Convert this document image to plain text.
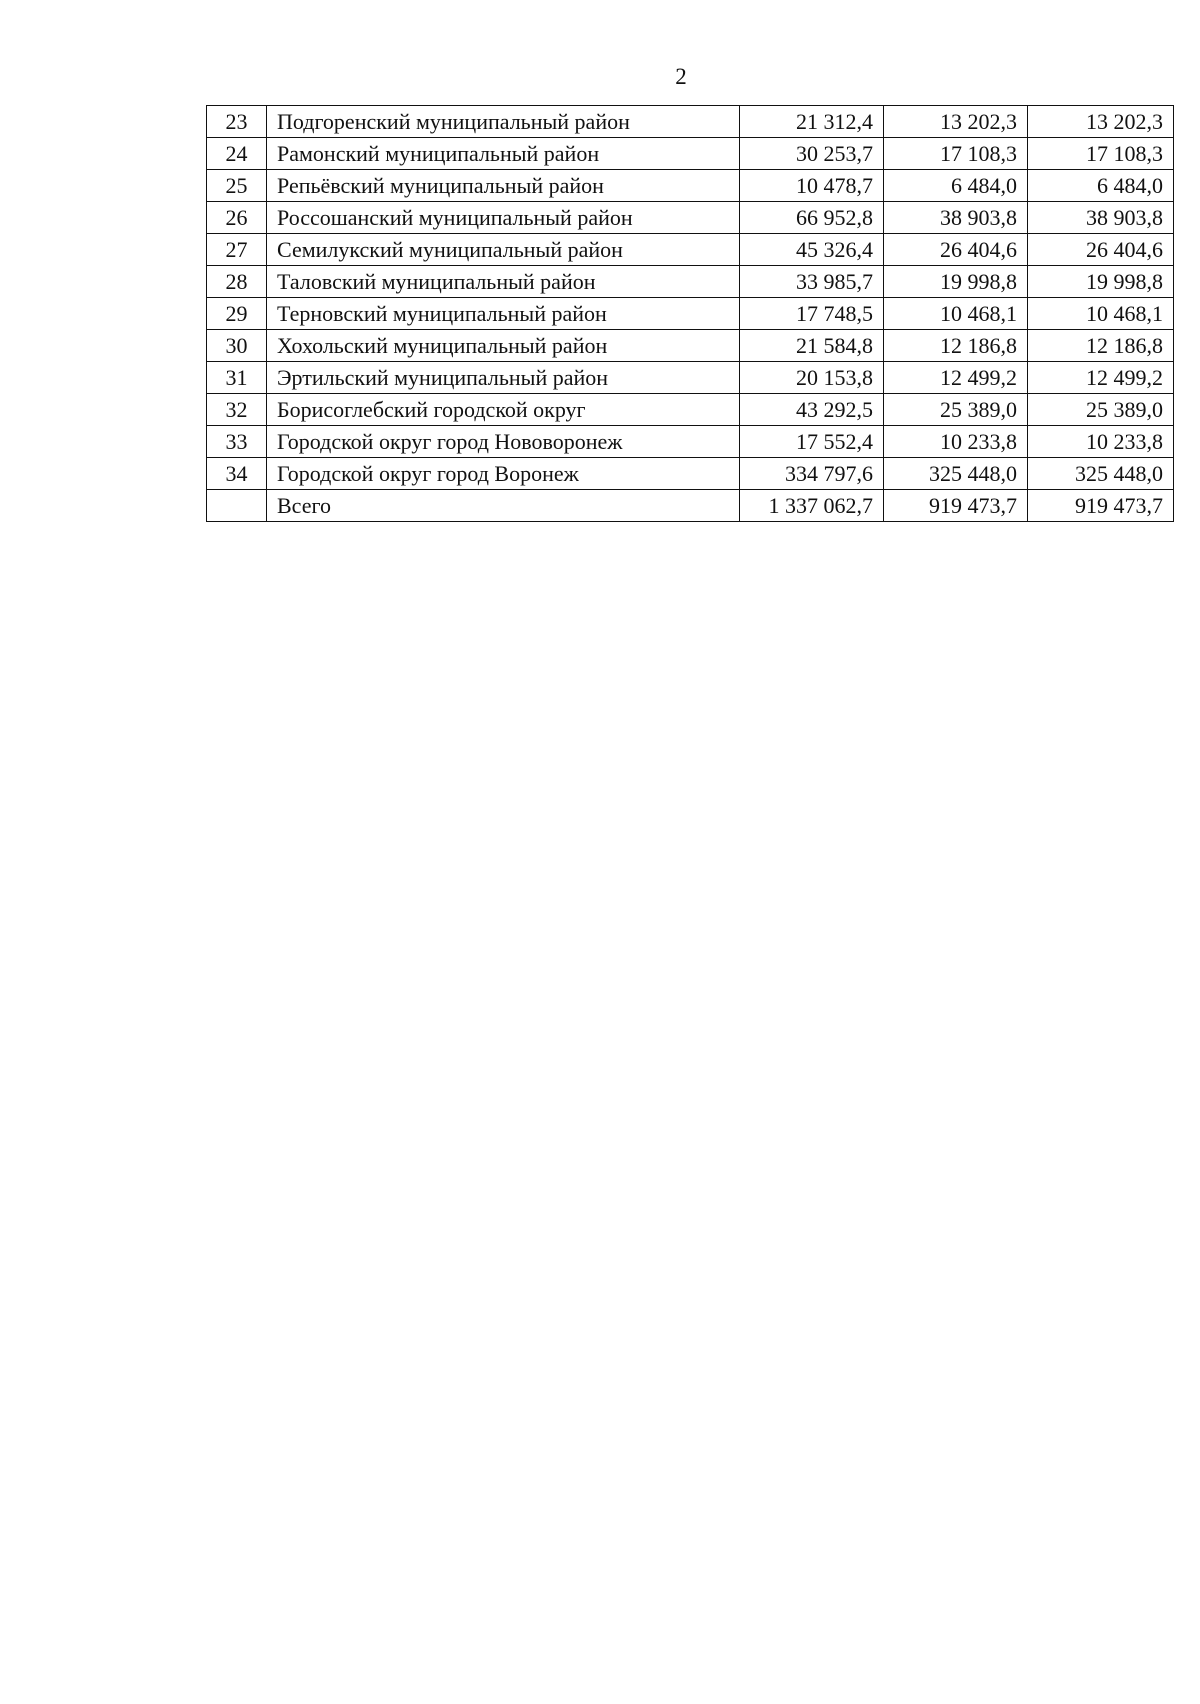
2
23	Подгоренский муниципальный район	21 312,4	13 202,3	13 202,3
24	Рамонский муниципальный район	30 253,7	17 108,3	17 108,3
25	Репьёвский муниципальный район	10 478,7	6 484,0	6 484,0
26	Россошанский муниципальный район	66 952,8	38 903,8	38 903,8
27	Семилукский муниципальный район	45 326,4	26 404,6	26 404,6
28	Таловский муниципальный район	33 985,7	19 998,8	19 998,8
29	Терновский муниципальный район	17 748,5	10 468,1	10 468,1
30	Хохольский муниципальный район	21 584,8	12 186,8	12 186,8
31	Эртильский муниципальный район	20 153,8	12 499,2	12 499,2
32	Борисоглебский городской округ	43 292,5	25 389,0	25 389,0
33	Городской округ город Нововоронеж	17 552,4	10 233,8	10 233,8
34	Городской округ город Воронеж	334 797,6	325 448,0	325 448,0
	Всего	1 337 062,7	919 473,7	919 473,7
